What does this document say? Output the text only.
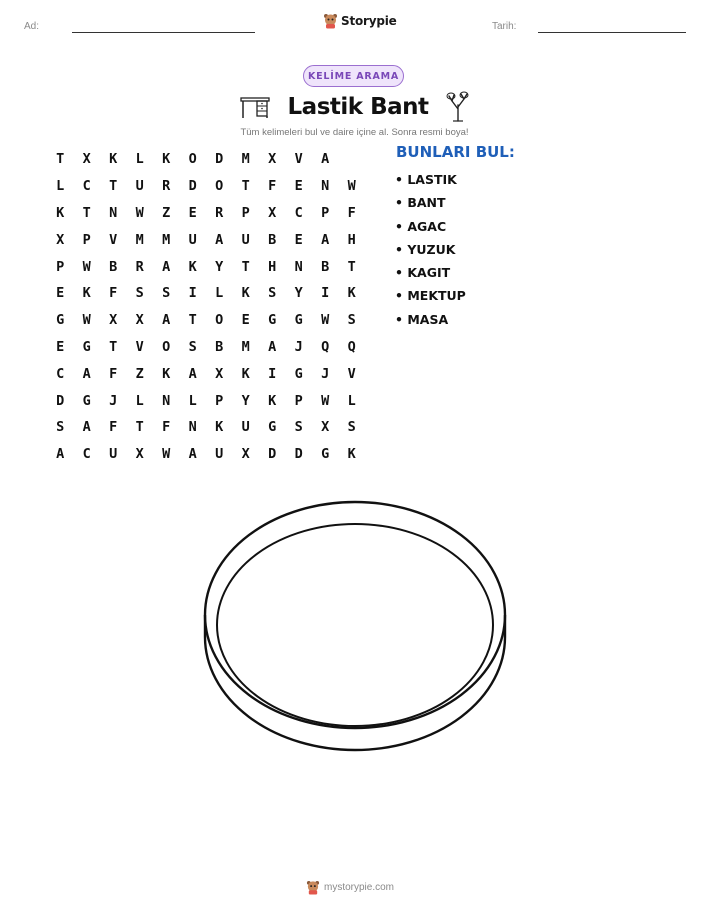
Ad:	Storypie	Tarih:
KELİME ARAMA
Lastik Bant
Tüm kelimeleri bul ve daire içine al. Sonra resmi boya!
T	X	K	L	K	O	D	M	X	V	A
L	C	T	U	R	D	O	T	F	E	N	W
K	T	N	W	Z	E	R	P	X	C	P	F
X	P	V	M	M	U	A	U	B	E	A	H
P	W	B	R	A	K	Y	T	H	N	B	T
E	K	F	S	S	I	L	K	S	Y	I	K
G	W	X	X	A	T	O	E	G	G	W	S
E	G	T	V	O	S	B	M	A	J	Q	Q
C	A	F	Z	K	A	X	K	I	G	J	V
D	G	J	L	N	L	P	Y	K	P	W	L
S	A	F	T	F	N	K	U	G	S	X	S
A	C	U	X	W	A	U	X	D	D	G	K
BUNLARI BUL:
• LASTIK
• BANT
• AGAC
• YUZUK
• KAGIT
• MEKTUP
• MASA
mystorypie.com
